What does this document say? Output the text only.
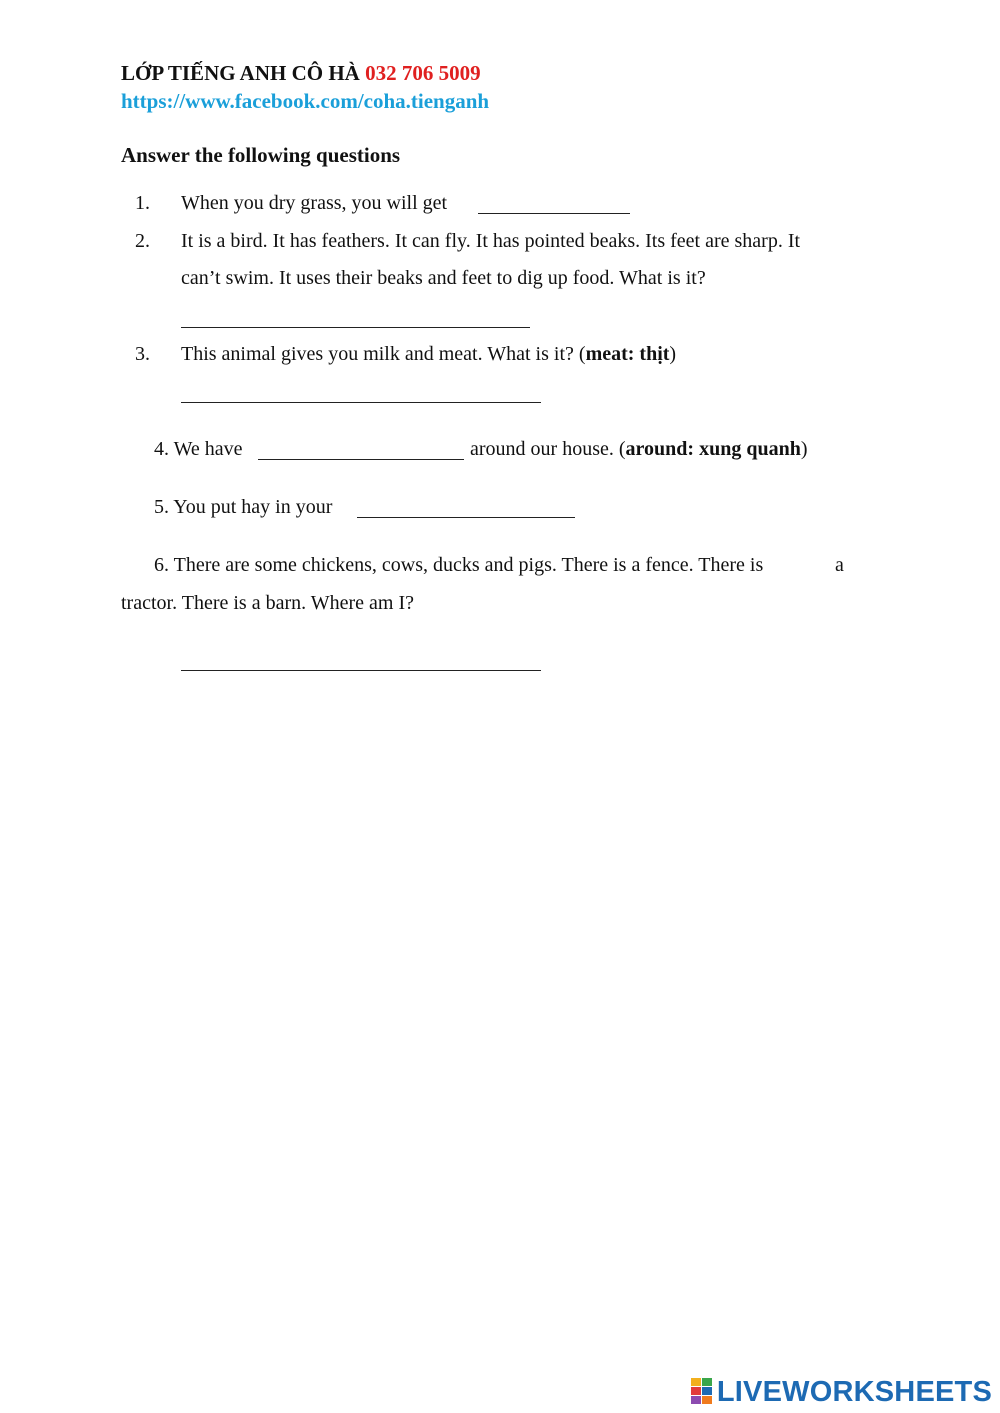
LỚP TIẾNG ANH CÔ HÀ 032 706 5009
https://www.facebook.com/coha.tienganh
Answer the following questions
1. When you dry grass, you will get
2. It is a bird. It has feathers. It can fly. It has pointed beaks. Its feet are sharp. It
can’t swim. It uses their beaks and feet to dig up food. What is it?
3. This animal gives you milk and meat. What is it? (meat: thịt)
4. We have	around our house. (around: xung quanh)
5. You put hay in your
6. There are some chickens, cows, ducks and pigs. There is a fence. There is	a
tractor. There is a barn. Where am I?
LIVEWORKSHEETS
